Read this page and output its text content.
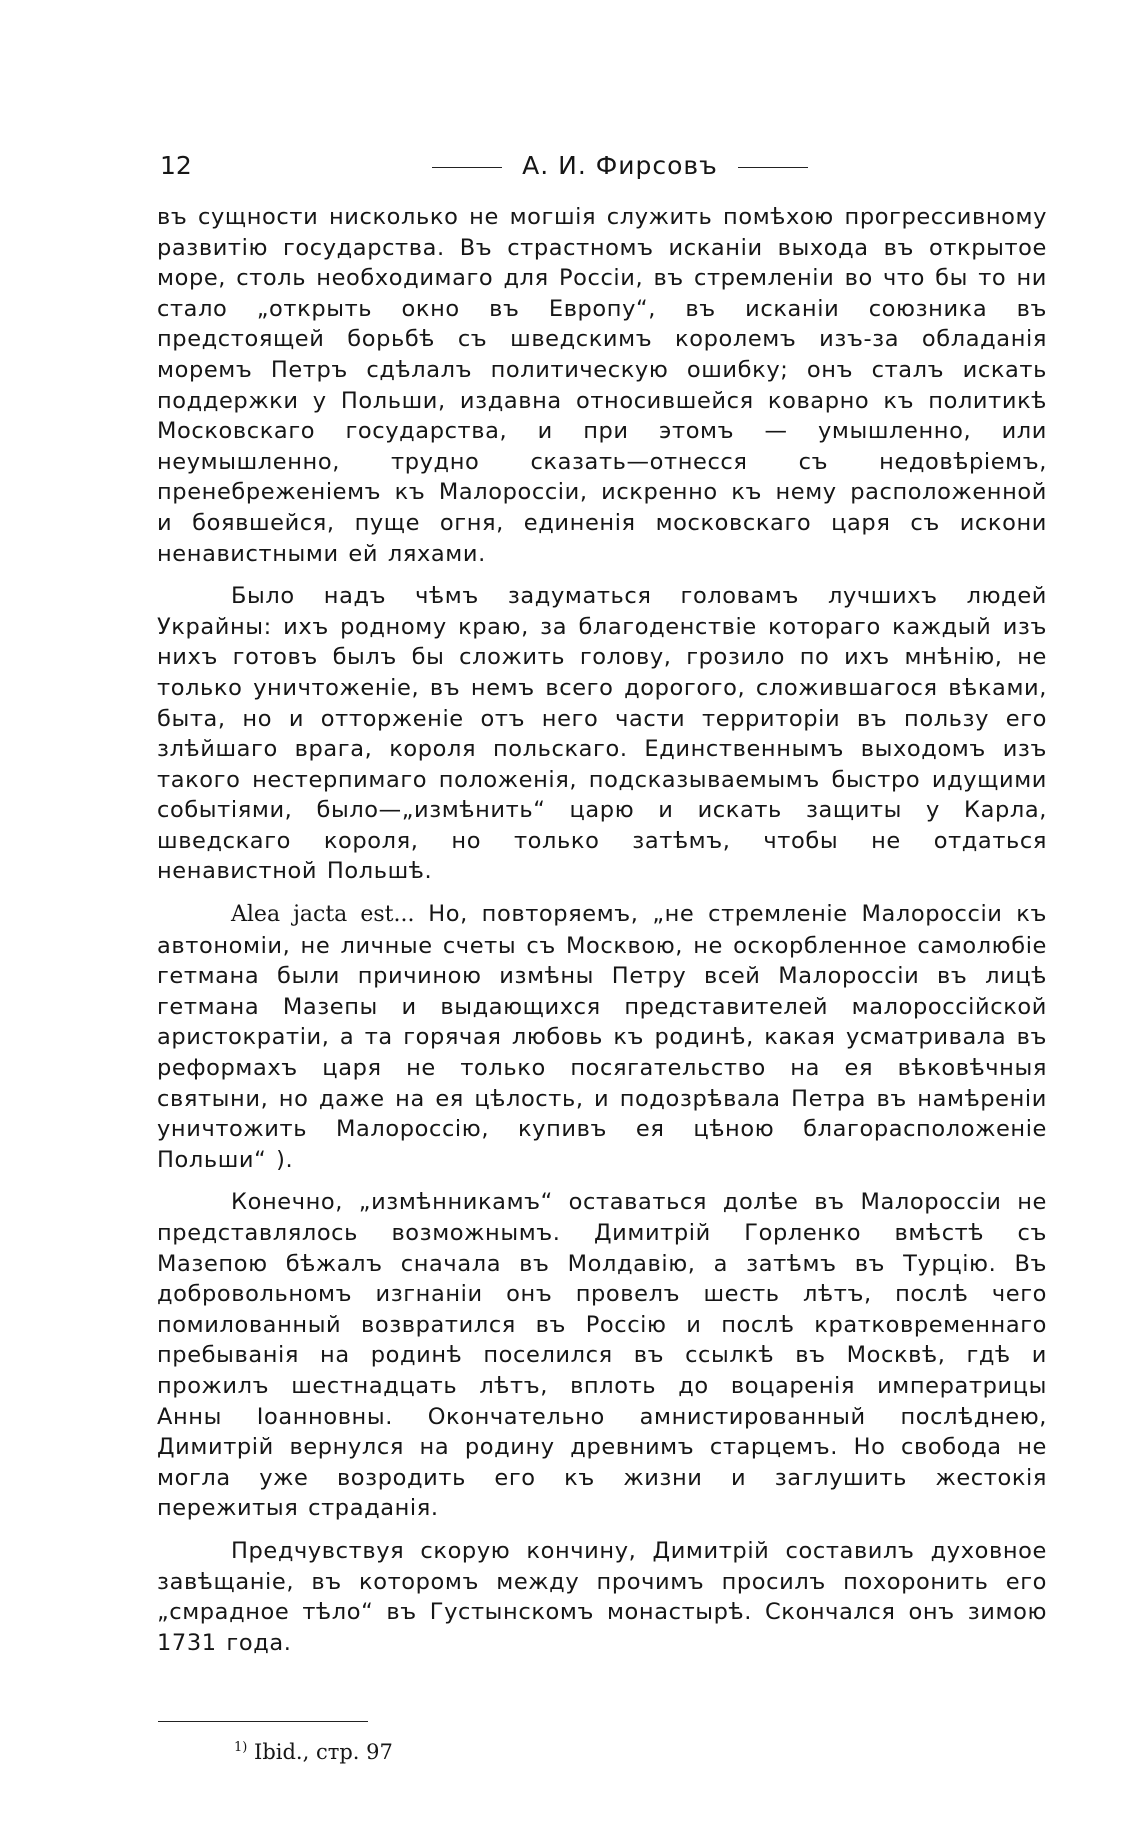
12	А. И. Фирсовъ

въ сущности нисколько не могшія служить помѣхою прогрессивному развитію государства. Въ страстномъ исканіи выхода въ открытое море, столь необходимаго для Россіи, въ стремленіи во что бы то ни стало „открыть окно въ Европу“, въ исканіи союзника въ предстоящей борьбѣ съ шведскимъ королемъ изъ-за обладанія моремъ Петръ сдѣлалъ политическую ошибку; онъ сталъ искать поддержки у Польши, издавна относившейся коварно къ политикѣ Московскаго государства, и при этомъ — умышленно, или неумышленно, трудно сказать—отнесся съ недовѣріемъ, пренебреженіемъ къ Малороссіи, искренно къ нему расположенной и боявшейся, пуще огня, единенія московскаго царя съ искони ненавистными ей ляхами.

Было надъ чѣмъ задуматься головамъ лучшихъ людей Украйны: ихъ родному краю, за благоденствіе котораго каждый изъ нихъ готовъ былъ бы сложить голову, грозило по ихъ мнѣнію, не только уничтоженіе, въ немъ всего дорогого, сложившагося вѣками, быта, но и отторженіе отъ него части территоріи въ пользу его злѣйшаго врага, короля польскаго. Единственнымъ выходомъ изъ такого нестерпимаго положенія, подсказываемымъ быстро идущими событіями, было—„измѣнить“ царю и искать защиты у Карла, шведскаго короля, но только затѣмъ, чтобы не отдаться ненавистной Польшѣ.

Alea jacta est... Но, повторяемъ, „не стремленіе Малороссіи къ автономіи, не личные счеты съ Москвою, не оскорбленное самолюбіе гетмана были причиною измѣны Петру всей Малороссіи въ лицѣ гетмана Мазепы и выдающихся представителей малороссійской аристократіи, а та горячая любовь къ родинѣ, какая усматривала въ реформахъ царя не только посягательство на ея вѣковѣчныя святыни, но даже на ея цѣлость, и подозрѣвала Петра въ намѣреніи уничтожить Малороссію, купивъ ея цѣною благорасположеніе Польши“ ).

Конечно, „измѣнникамъ“ оставаться долѣе въ Малороссіи не представлялось возможнымъ. Димитрій Горленко вмѣстѣ съ Мазепою бѣжалъ сначала въ Молдавію, а затѣмъ въ Турцію. Въ добровольномъ изгнаніи онъ провелъ шесть лѣтъ, послѣ чего помилованный возвратился въ Россію и послѣ кратковременнаго пребыванія на родинѣ поселился въ ссылкѣ въ Москвѣ, гдѣ и прожилъ шестнадцать лѣтъ, вплоть до воцаренія императрицы Анны Іоанновны. Окончательно амнистированный послѣднею, Димитрій вернулся на родину древнимъ старцемъ. Но свобода не могла уже возродить его къ жизни и заглушить жестокія пережитыя страданія.

Предчувствуя скорую кончину, Димитрій составилъ духовное завѣщаніе, въ которомъ между прочимъ просилъ похоронить его „смрадное тѣло“ въ Густынскомъ монастырѣ. Скончался онъ зимою 1731 года.

$^{1)}$ Ibid., стр. 97
